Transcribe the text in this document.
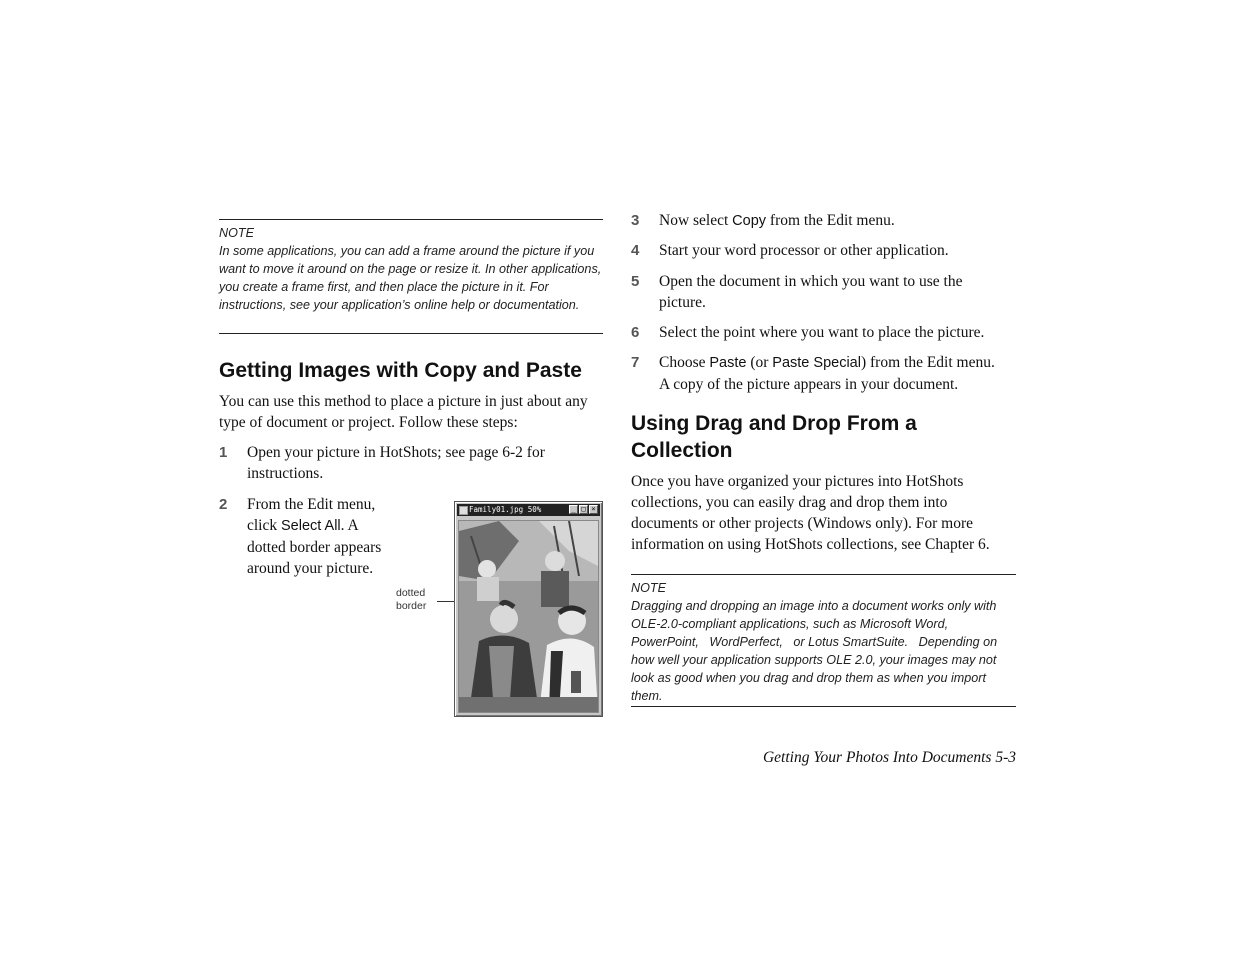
NOTE
In some applications, you can add a frame around the picture if you want to move it around on the page or resize it. In other applications, you create a frame first, and then place the picture in it. For instructions, see your application’s online help or documentation.
Getting Images with Copy and Paste
You can use this method to place a picture in just about any type of document or project. Follow these steps:
1 Open your picture in HotShots; see page 6-2 for instructions.
2 From the Edit menu,
click Select All. A
dotted border appears
around your picture.
dotted
border
Family01.jpg 50%	_ □ ×
3 Now select Copy from the Edit menu.
4 Start your word processor or other application.
5 Open the document in which you want to use the picture.
6 Select the point where you want to place the picture.
7 Choose Paste (or Paste Special) from the Edit menu.
A copy of the picture appears in your document.
Using Drag and Drop From a Collection
Once you have organized your pictures into HotShots collections, you can easily drag and drop them into documents or other projects (Windows only). For more information on using HotShots collections, see Chapter 6.
NOTE
Dragging and dropping an image into a document works only with OLE-2.0-compliant applications, such as Microsoft Word, PowerPoint,   WordPerfect,   or Lotus SmartSuite.   Depending on how well your application supports OLE 2.0, your images may not look as good when you drag and drop them as when you import them.
Getting Your Photos Into Documents 5-3
